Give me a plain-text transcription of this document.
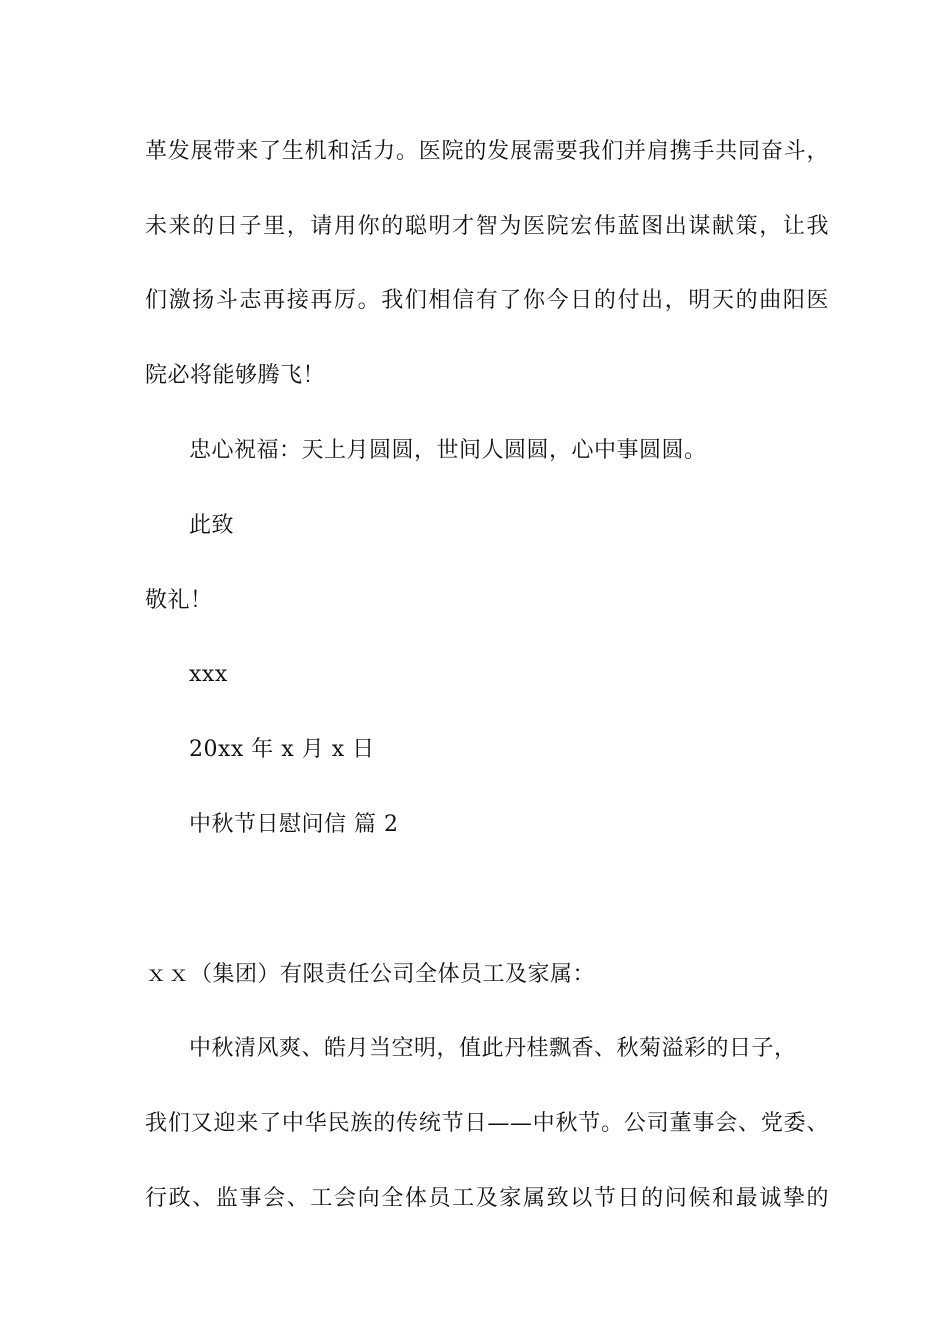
革发展带来了生机和活力。医院的发展需要我们并肩携手共同奋斗，
未来的日子里，请用你的聪明才智为医院宏伟蓝图出谋献策，让我
们激扬斗志再接再厉。我们相信有了你今日的付出，明天的曲阳医
院必将能够腾飞！
忠心祝福：天上月圆圆，世间人圆圆，心中事圆圆。
此致
敬礼！
xxx
20xx 年 x 月 x 日
中秋节日慰问信 篇 2
ｘｘ（集团）有限责任公司全体员工及家属：
中秋清风爽、皓月当空明，值此丹桂飘香、秋菊溢彩的日子，
我们又迎来了中华民族的传统节日——中秋节。公司董事会、党委、
行政、监事会、工会向全体员工及家属致以节日的问候和最诚挚的
